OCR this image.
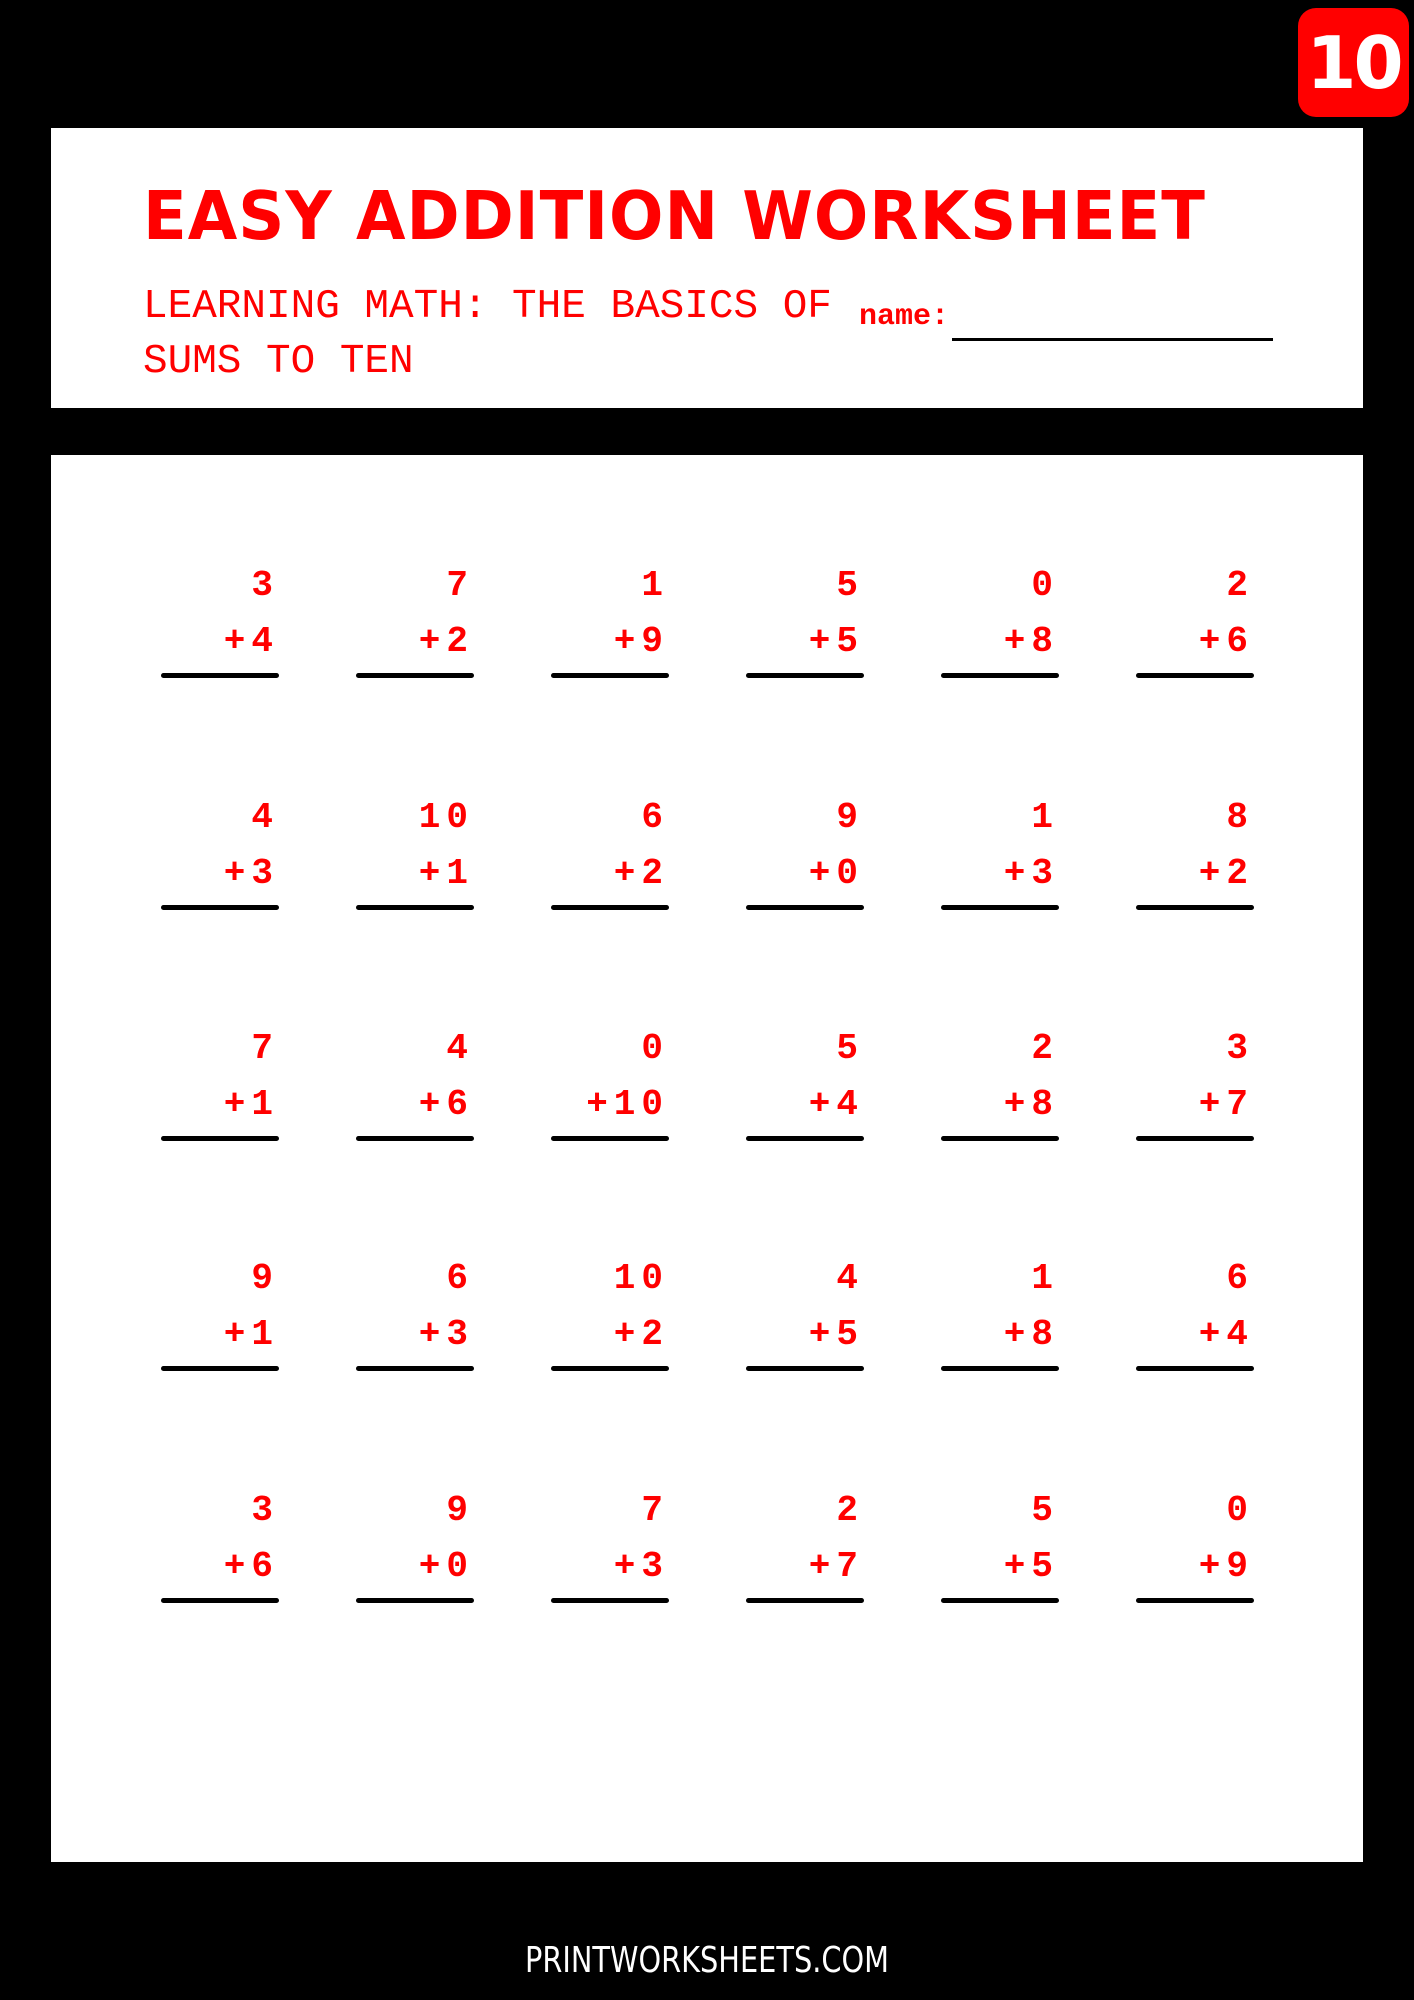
10
EASY ADDITION WORKSHEET
LEARNING MATH: THE BASICS OF SUMS TO TEN
name:
3
+4
7
+2
1
+9
5
+5
0
+8
2
+6
4
+3
10
+1
6
+2
9
+0
1
+3
8
+2
7
+1
4
+6
0
+10
5
+4
2
+8
3
+7
9
+1
6
+3
10
+2
4
+5
1
+8
6
+4
3
+6
9
+0
7
+3
2
+7
5
+5
0
+9
PRINTWORKSHEETS.COM
